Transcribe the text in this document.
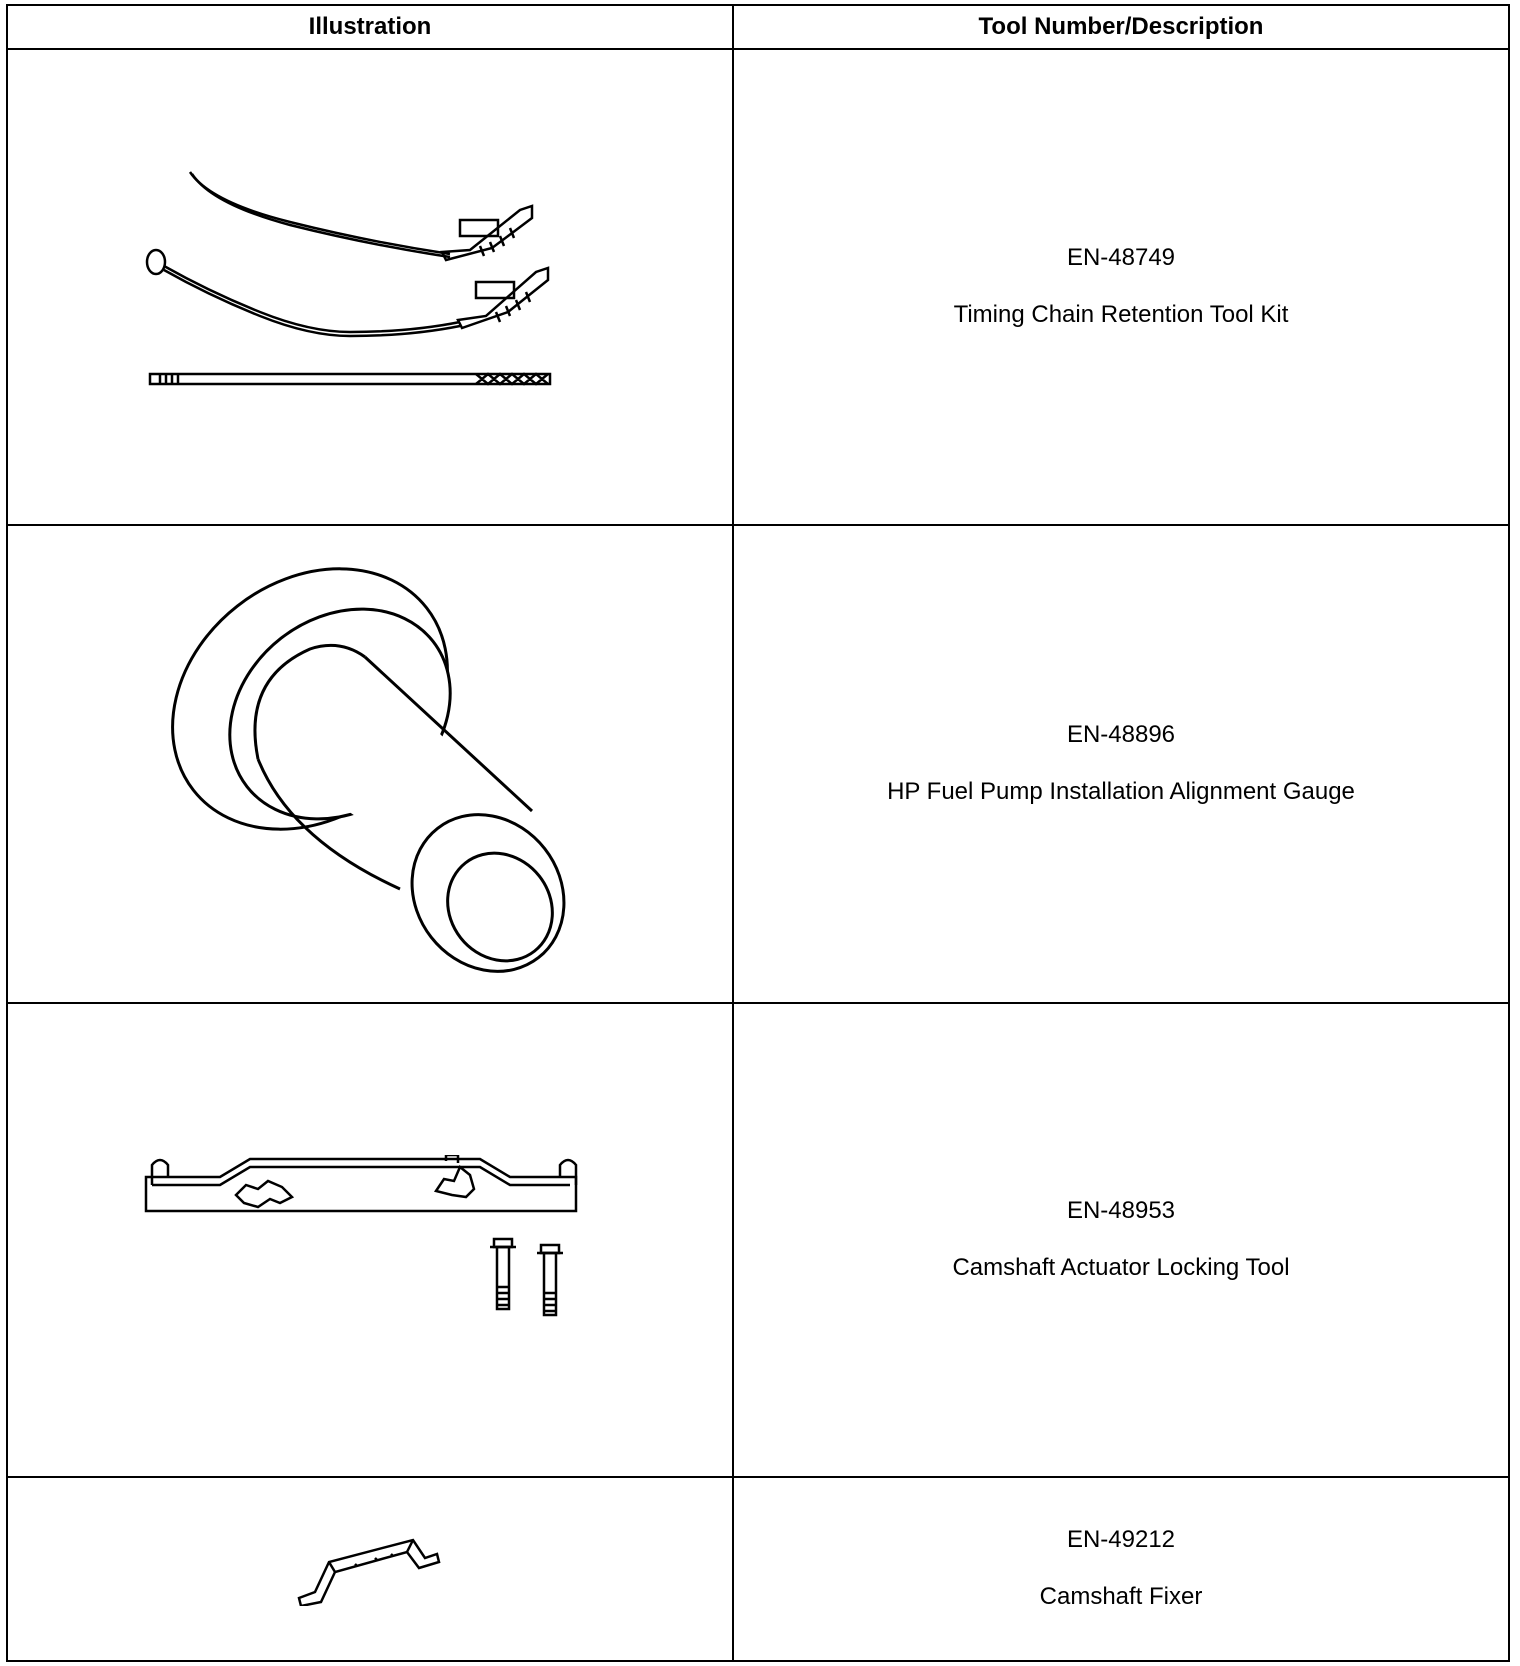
Illustration	Tool Number/Description

EN-48749
Timing Chain Retention Tool Kit

EN-48896
HP Fuel Pump Installation Alignment Gauge

EN-48953
Camshaft Actuator Locking Tool

EN-49212
Camshaft Fixer
